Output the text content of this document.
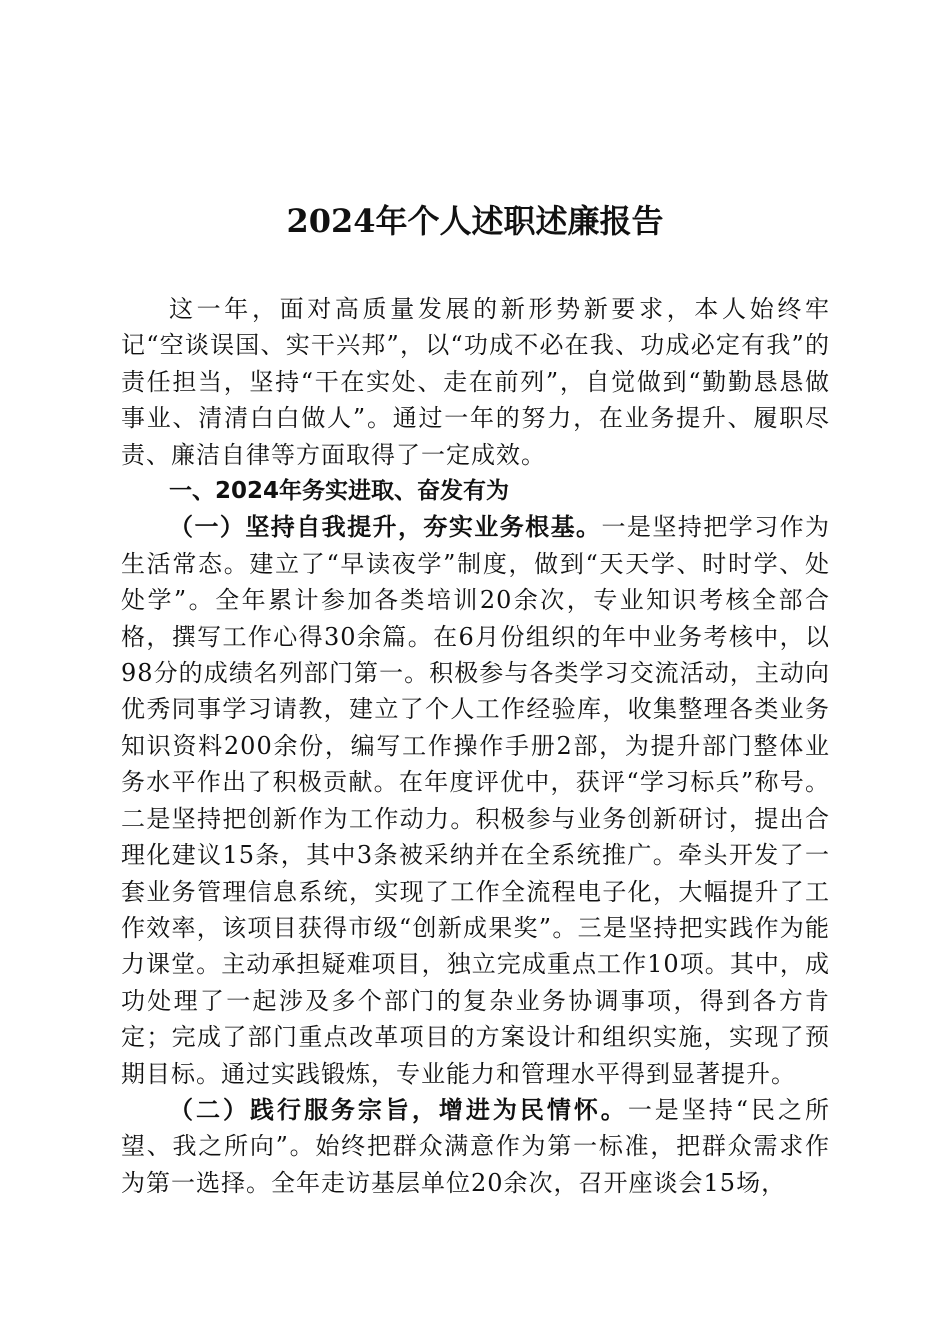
2024年个人述职述廉报告

这一年，面对高质量发展的新形势新要求，本人始终牢记“空谈误国、实干兴邦”，以“功成不必在我、功成必定有我”的责任担当，坚持“干在实处、走在前列”，自觉做到“勤勤恳恳做事业、清清白白做人”。通过一年的努力，在业务提升、履职尽责、廉洁自律等方面取得了一定成效。

一、2024年务实进取、奋发有为

（一）坚持自我提升，夯实业务根基。一是坚持把学习作为生活常态。建立了“早读夜学”制度，做到“天天学、时时学、处处学”。全年累计参加各类培训20余次，专业知识考核全部合格，撰写工作心得30余篇。在6月份组织的年中业务考核中，以98分的成绩名列部门第一。积极参与各类学习交流活动，主动向优秀同事学习请教，建立了个人工作经验库，收集整理各类业务知识资料200余份，编写工作操作手册2部，为提升部门整体业务水平作出了积极贡献。在年度评优中，获评“学习标兵”称号。二是坚持把创新作为工作动力。积极参与业务创新研讨，提出合理化建议15条，其中3条被采纳并在全系统推广。牵头开发了一套业务管理信息系统，实现了工作全流程电子化，大幅提升了工作效率，该项目获得市级“创新成果奖”。三是坚持把实践作为能力课堂。主动承担疑难项目，独立完成重点工作10项。其中，成功处理了一起涉及多个部门的复杂业务协调事项，得到各方肯定；完成了部门重点改革项目的方案设计和组织实施，实现了预期目标。通过实践锻炼，专业能力和管理水平得到显著提升。

（二）践行服务宗旨，增进为民情怀。一是坚持“民之所望、我之所向”。始终把群众满意作为第一标准，把群众需求作为第一选择。全年走访基层单位20余次，召开座谈会15场，
